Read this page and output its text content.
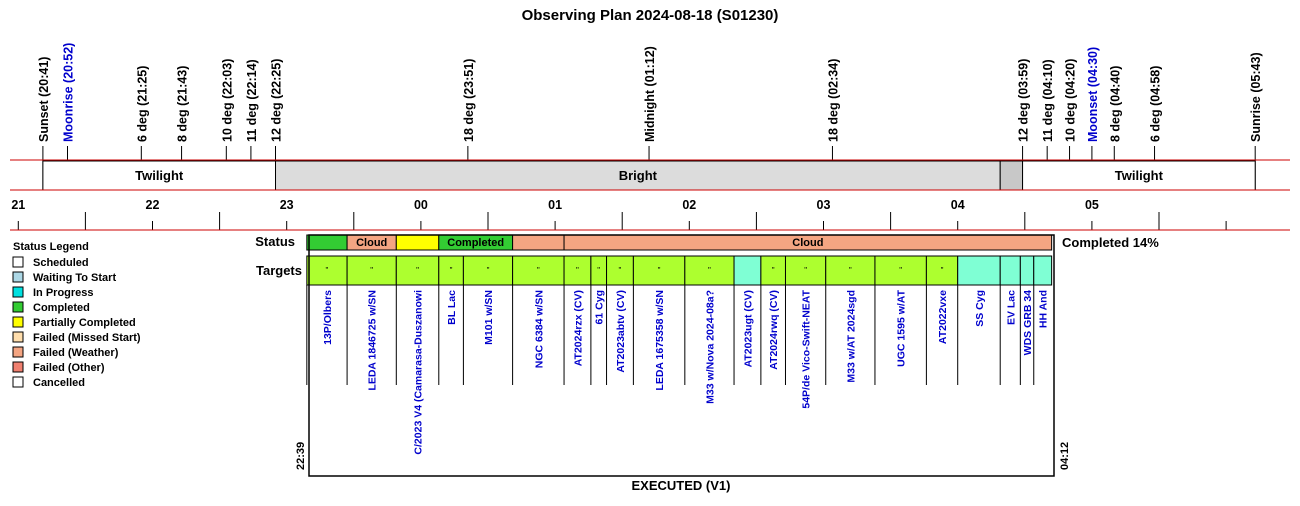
Observing Plan 2024-08-18 (S01230)
Sunset (20:41) Moonrise (20:52)	6 deg (21:25) 8 deg (21:43) 10 deg (22:03) 11 deg (22:14) 12 deg (22:25)	18 deg (23:51)	Midnight (01:12)	18 deg (02:34)	12 deg (03:59) 11 deg (04:10) 10 deg (04:20) Moonset (04:30) 8 deg (04:40) 6 deg (04:58)	Sunrise (05:43)
Twilight	Bright	Twilight
21	22	23	00	01	02	03	04	05
Status Legend
Scheduled
Waiting To Start
In Progress
Completed
Partially Completed
Failed (Missed Start)
Failed (Weather)
Failed (Other)
Cancelled
Status
Targets
Completed 14%
Cloud	Completed	Cloud
"
13P/Olbers
"
LEDA 1846725 w/SN
"
C/2023 V4 (Camarasa-Duszanowi
"
BL Lac
"
M101 w/SN
"
NGC 6384 w/SN
"
AT2024rzx (CV)
"
61 Cyg
"
AT2023abtv (CV)
"
LEDA 1675358 w/SN
"
M33 w/Nova 2024-08a? AT2023ugt (CV)
"
AT2024rwq (CV)
"
54P/de Vico-Swift-NEAT
"
M33 w/AT 2024sgd
"
UGC 1595 w/AT
"
AT2022vxe SS Cyg EV Lac WDS GRB 34 HH And
22:39	04:12
EXECUTED (V1)
